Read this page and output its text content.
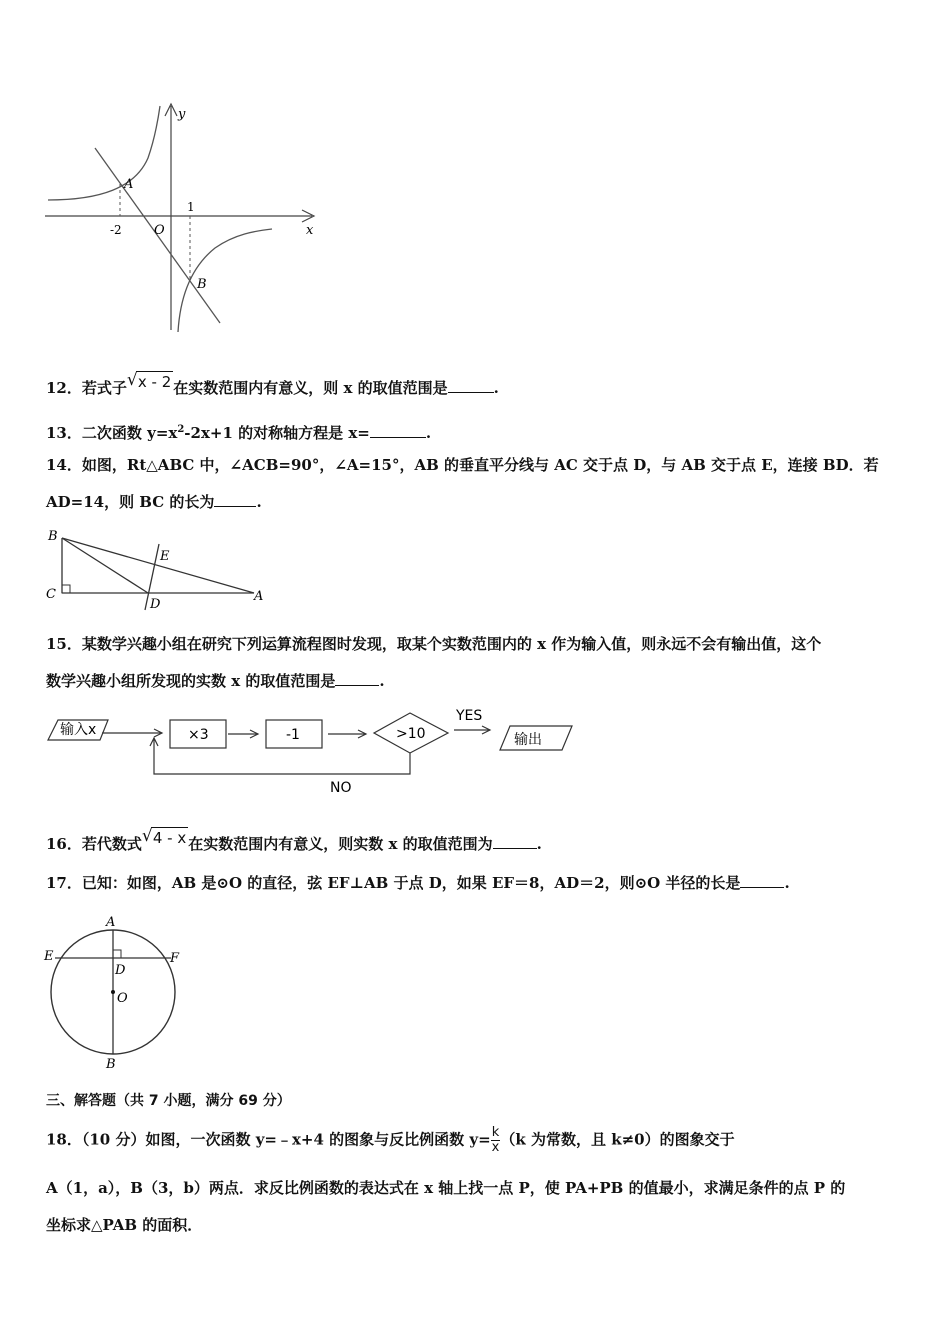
y
x
O
-2
1
A
B
12．若式子 √ x - 2 在实数范围内有意义，则 x 的取值范围是	.
13．二次函数 $y=x^2-2x+1$ 的对称轴方程是 x=	.
14．如图，Rt△ABC 中，∠ACB=90°，∠A=15°，AB 的垂直平分线与 AC 交于点 D，与 AB 交于点 E，连接 BD．若
AD=14，则 BC 的长为	.
B
E
C
D
A
15．某数学兴趣小组在研究下列运算流程图时发现，取某个实数范围内的 x 作为输入值，则永远不会有输出值，这个
数学兴趣小组所发现的实数 x 的取值范围是	.
输入x	×3	-1	>10
YES
NO
输出
16．若代数式 √ 4 - x 在实数范围内有意义，则实数 x 的取值范围为	.
17．已知：如图，AB 是⊙O 的直径，弦 EF⊥AB 于点 D，如果 EF＝8，AD＝2，则⊙O 半径的长是	.
A
E	F
D
O
B
三、解答题（共 7 小题，满分 69 分）
18．（10 分）如图，一次函数 y=﹣x+4 的图象与反比例函数 $y= \frac{k}{x} (k$ 为常数，且 k≠0）的图象交于
A（1，a），B（3，b）两点．求反比例函数的表达式在 x 轴上找一点 P，使 PA+PB 的值最小，求满足条件的点 P 的
坐标求△PAB 的面积．
